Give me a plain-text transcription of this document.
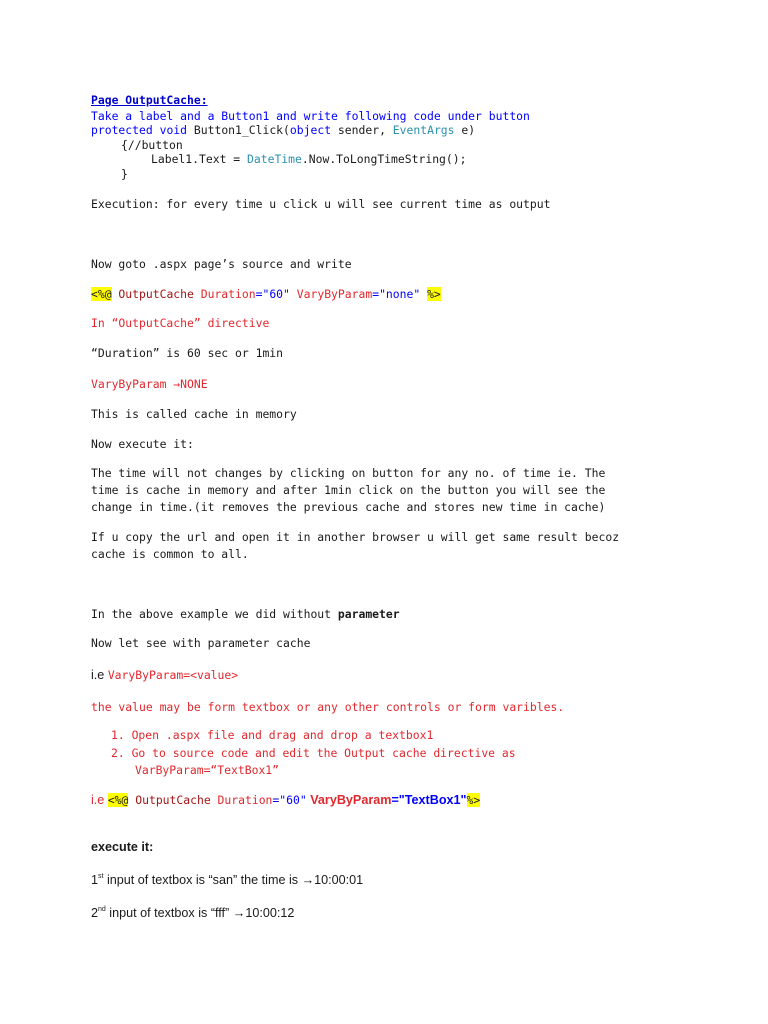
Page OutputCache:
Take a label and a Button1 and write following code under button
protected void Button1_Click(object sender, EventArgs e)
{//button
Label1.Text = DateTime.Now.ToLongTimeString();
}
Execution: for every time u click u will see current time as output
Now goto .aspx page’s source and write
<%@ OutputCache Duration="60" VaryByParam="none" %>
In “OutputCache” directive
“Duration” is 60 sec or 1min
VaryByParam →NONE
This is called cache in memory
Now execute it:
The time will not changes by clicking on button for any no. of time ie. The
time is cache in memory and after 1min click on the button you will see the
change in time.(it removes the previous cache and stores new time in cache)
If u copy the url and open it in another browser u will get same result becoz
cache is common to all.
In the above example we did without parameter
Now let see with parameter cache
i.e VaryByParam=<value>
the value may be form textbox or any other controls or form varibles.
1. Open .aspx file and drag and drop a textbox1
2. Go to source code and edit the Output cache directive as
VarByParam=“TextBox1”
i.e <%@ OutputCache Duration="60" VaryByParam="TextBox1"%>
execute it:
1st input of textbox is “san” the time is →10:00:01
2nd input of textbox is “fff” →10:00:12
